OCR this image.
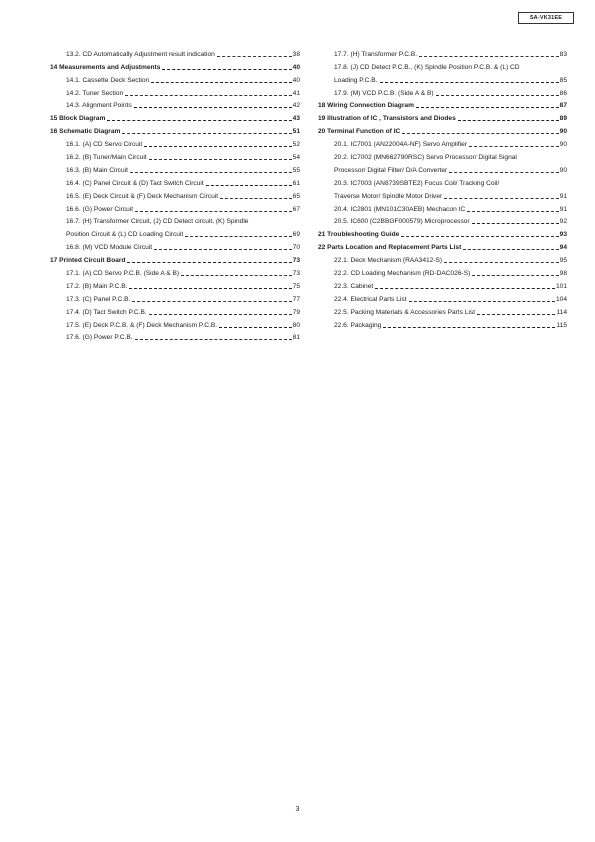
SA-VK31EE
13.2. CD Automatically Adjustment result indication	38
14 Measurements and Adjustments	40
14.1. Cassette Deck Section	40
14.2. Tuner Section	41
14.3. Alignment Points	42
15 Block Diagram	43
16 Schematic Diagram	51
16.1. (A) CD Servo Circuit	52
16.2. (B) Tuner/Main Circuit	54
16.3. (B) Main Circuit	55
16.4. (C) Panel Circuit & (D) Tact Switch Circuit	61
16.5. (E) Deck Circuit & (F) Deck Mechanism Circuit	65
16.6. (G) Power Circuit	67
16.7. (H) Transformer Circuit, (J) CD Detect circuit, (K) Spindle
Position Circuit & (L) CD Loading Circuit	69
16.8. (M) VCD Module Circuit	70
17 Printed Circuit Board	73
17.1. (A) CD Servo P.C.B. (Side A & B)	73
17.2. (B) Main P.C.B.	75
17.3. (C) Panel P.C.B.	77
17.4. (D) Tact Switch P.C.B.	79
17.5. (E) Deck P.C.B. & (F) Deck Mechanism P.C.B.	80
17.6. (G) Power P.C.B.	81
17.7. (H) Transformer P.C.B.	83
17.8. (J) CD Detect P.C.B., (K) Spindle Position P.C.B. & (L) CD
Loading P.C.B.	85
17.9. (M) VCD P.C.B. (Side A & B)	86
18 Wiring Connection Diagram	87
19 Illustration of IC , Transistors and Diodes	89
20 Terminal Function of IC	90
20.1. IC7001 (AN22004A-NF) Servo Amplifier	90
20.2. IC7002 (MN662790RSC) Servo Processor/ Digital Signal
Processor/ Digital Filter/ D/A Converter	90
20.3. IC7003 (AN8739SBTE2) Focus Coil/ Tracking Coil/
Traverse Motor/ Spindle Motor Driver	91
20.4. IC2801 (MN101C30AEB) Mechacon IC	91
20.5. IC600 (C2BBGF000579) Microprocessor	92
21 Troubleshooting Guide	93
22 Parts Location and Replacement Parts List	94
22.1. Deck Mechanism (RAA3412-S)	95
22.2. CD Loading Mechanism (RD-DAC026-S)	98
22.3. Cabinet	101
22.4. Electrical Parts List	104
22.5. Packing Materials & Accessories Parts List	114
22.6. Packaging	115
3
